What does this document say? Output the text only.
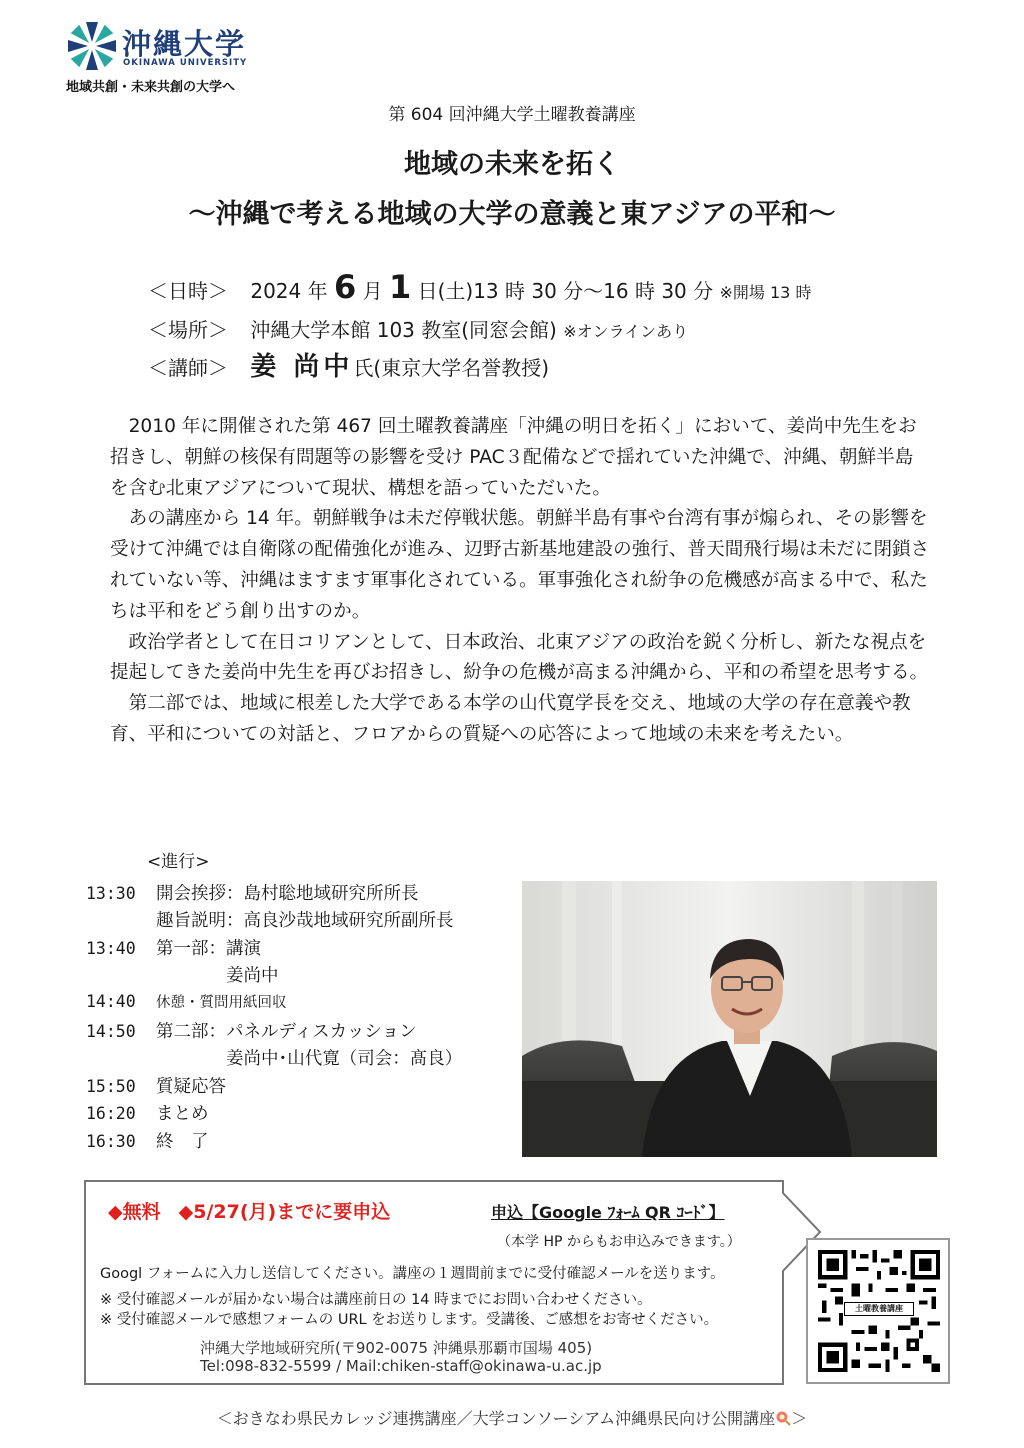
沖縄大学
OKINAWA UNIVERSITY
地域共創・未来共創の大学へ
第 604 回沖縄大学土曜教養講座
地域の未来を拓く
～沖縄で考える地域の大学の意義と東アジアの平和～
＜日時＞ 2024 年 6 月 1 日(土)13 時 30 分～16 時 30 分 ※開場 13 時
＜場所＞ 沖縄大学本館 103 教室(同窓会館) ※オンラインあり
＜講師＞ 姜 尚中氏(東京大学名誉教授)

2010 年に開催された第 467 回土曜教養講座「沖縄の明日を拓く」において、姜尚中先生をお招きし、朝鮮の核保有問題等の影響を受け PAC３配備などで揺れていた沖縄で、沖縄、朝鮮半島を含む北東アジアについて現状、構想を語っていただいた。

あの講座から 14 年。朝鮮戦争は未だ停戦状態。朝鮮半島有事や台湾有事が煽られ、その影響を受けて沖縄では自衛隊の配備強化が進み、辺野古新基地建設の強行、普天間飛行場は未だに閉鎖されていない等、沖縄はますます軍事化されている。軍事強化され紛争の危機感が高まる中で、私たちは平和をどう創り出すのか。

政治学者として在日コリアンとして、日本政治、北東アジアの政治を鋭く分析し、新たな視点を提起してきた姜尚中先生を再びお招きし、紛争の危機が高まる沖縄から、平和の希望を思考する。

第二部では、地域に根差した大学である本学の山代寛学長を交え、地域の大学の存在意義や教育、平和についての対話と、フロアからの質疑への応答によって地域の未来を考えたい。

<進行>
13:30 開会挨拶：島村聡地域研究所所長
趣旨説明：高良沙哉地域研究所副所長
13:40 第一部：講演
　　　　姜尚中
14:40 休憩・質問用紙回収
14:50 第二部：パネルディスカッション
　　　　姜尚中･山代寛（司会：髙良）
15:50 質疑応答
16:20 まとめ
16:30 終　了
◆無料 ◆5/27(月)までに要申込	申込【Google ﾌｫｰﾑ QR ｺｰﾄﾞ】
（本学 HP からもお申込みできます。）
Googl フォームに入力し送信してください。講座の１週間前までに受付確認メールを送ります。
※ 受付確認メールが届かない場合は講座前日の 14 時までにお問い合わせください。
※ 受付確認メールで感想フォームの URL をお送りします。受講後、ご感想をお寄せください。
沖縄大学地域研究所(〒902-0075 沖縄県那覇市国場 405)
Tel:098-832-5599 / Mail:chiken-staff@okinawa-u.ac.jp
土曜教養講座
＜おきなわ県民カレッジ連携講座／大学コンソーシアム沖縄県民向け公開講座 ＞
